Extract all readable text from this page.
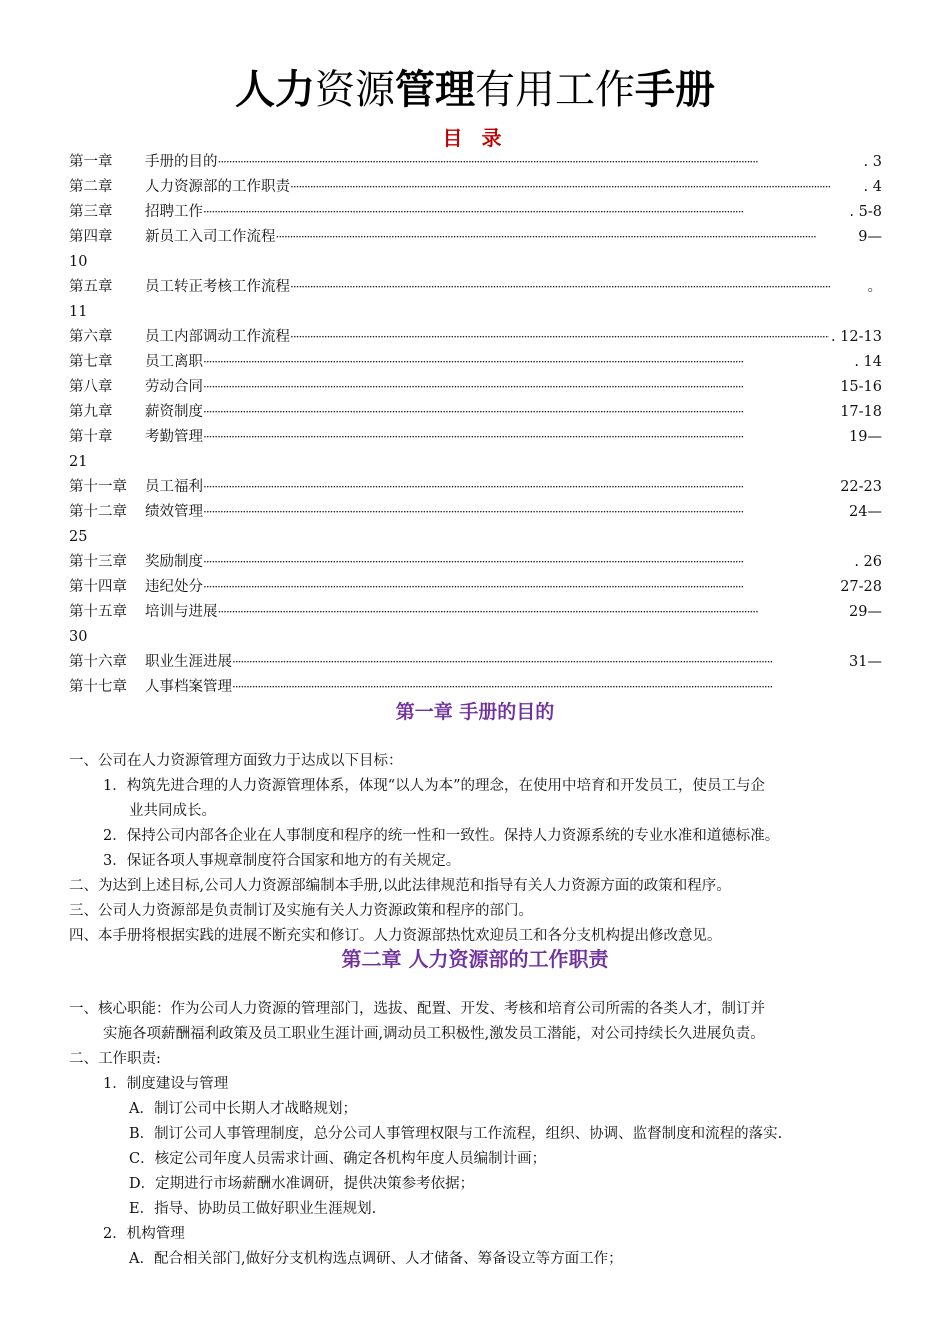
人力资源管理有用工作手册
目 录
第一章	手册的目的 ·····	. 3
第二章	人力资源部的工作职责 ·····	. 4
第三章	招聘工作 ·····	. 5-8
第四章	新员工入司工作流程 ·····	9—
10
第五章	员工转正考核工作流程 ·····	。
11
第六章	员工内部调动工作流程 ·····	. 12-13
第七章	员工离职 ·····	. 14
第八章	劳动合同 ·····	15-16
第九章	薪资制度 ·····	17-18
第十章	考勤管理 ·····	19—
21
第十一章	员工福利 ·····	22-23
第十二章	绩效管理 ·····	24—
25
第十三章	奖励制度 ·····	. 26
第十四章	违纪处分 ·····	27-28
第十五章	培训与进展 ·····	29—
30
第十六章	职业生涯进展 ·····	31—
第十七章	人事档案管理
·····
第一章 手册的目的
一、公司在人力资源管理方面致力于达成以下目标：
1．构筑先进合理的人力资源管理体系，体现“以人为本”的理念，在使用中培育和开发员工，使员工与企
业共同成长。
2．保持公司内部各企业在人事制度和程序的统一性和一致性。保持人力资源系统的专业水准和道德标准。
3．保证各项人事规章制度符合国家和地方的有关规定。
二、为达到上述目标,公司人力资源部编制本手册,以此法律规范和指导有关人力资源方面的政策和程序。
三、公司人力资源部是负责制订及实施有关人力资源政策和程序的部门。
四、本手册将根据实践的进展不断充实和修订。人力资源部热忱欢迎员工和各分支机构提出修改意见。
第二章 人力资源部的工作职责
一、核心职能：作为公司人力资源的管理部门，选拔、配置、开发、考核和培育公司所需的各类人才，制订并
实施各项薪酬福利政策及员工职业生涯计画,调动员工积极性,激发员工潜能，对公司持续长久进展负责。
二、工作职责:
1．制度建设与管理
A．制订公司中长期人才战略规划；
B．制订公司人事管理制度，总分公司人事管理权限与工作流程，组织、协调、监督制度和流程的落实.
C．核定公司年度人员需求计画、确定各机构年度人员编制计画；
D．定期进行市场薪酬水准调研，提供决策参考依据；
E．指导、协助员工做好职业生涯规划.
2．机构管理
A．配合相关部门,做好分支机构选点调研、人才储备、筹备设立等方面工作；
